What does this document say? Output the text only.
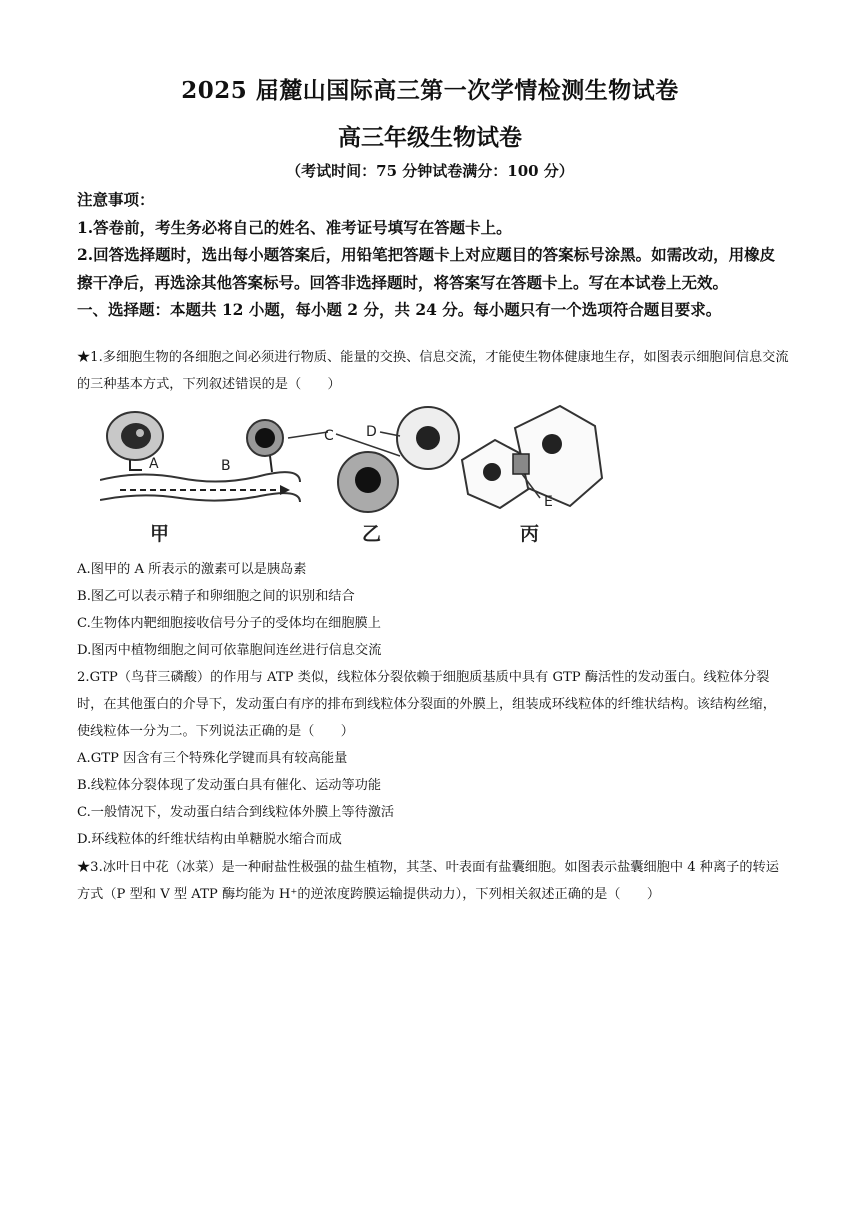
2025 届麓山国际高三第一次学情检测生物试卷
高三年级生物试卷
（考试时间：75 分钟试卷满分：100 分）

注意事项：

1.答卷前，考生务必将自己的姓名、准考证号填写在答题卡上。

2.回答选择题时，选出每小题答案后，用铅笔把答题卡上对应题目的答案标号涂黑。如需改动，用橡皮擦干净后，再选涂其他答案标号。回答非选择题时，将答案写在答题卡上。写在本试卷上无效。

一、选择题：本题共 12 小题，每小题 2 分，共 24 分。每小题只有一个选项符合题目要求。

★1.多细胞生物的各细胞之间必须进行物质、能量的交换、信息交流，才能使生物体健康地生存，如图表示细胞间信息交流的三种基本方式，下列叙述错误的是（　　）

A	B
C D
E
甲	乙	丙

A.图甲的 A 所表示的激素可以是胰岛素

B.图乙可以表示精子和卵细胞之间的识别和结合

C.生物体内靶细胞接收信号分子的受体均在细胞膜上

D.图丙中植物细胞之间可依靠胞间连丝进行信息交流

2.GTP（鸟苷三磷酸）的作用与 ATP 类似，线粒体分裂依赖于细胞质基质中具有 GTP 酶活性的发动蛋白。线粒体分裂时，在其他蛋白的介导下，发动蛋白有序的排布到线粒体分裂面的外膜上，组装成环线粒体的纤维状结构。该结构丝缩，使线粒体一分为二。下列说法正确的是（　　）

A.GTP 因含有三个特殊化学键而具有较高能量

B.线粒体分裂体现了发动蛋白具有催化、运动等功能

C.一般情况下，发动蛋白结合到线粒体外膜上等待激活

D.环线粒体的纤维状结构由单糖脱水缩合而成

★3.冰叶日中花（冰菜）是一种耐盐性极强的盐生植物，其茎、叶表面有盐囊细胞。如图表示盐囊细胞中 4 种离子的转运方式（P 型和 V 型 ATP 酶均能为 H⁺的逆浓度跨膜运输提供动力），下列相关叙述正确的是（　　）
